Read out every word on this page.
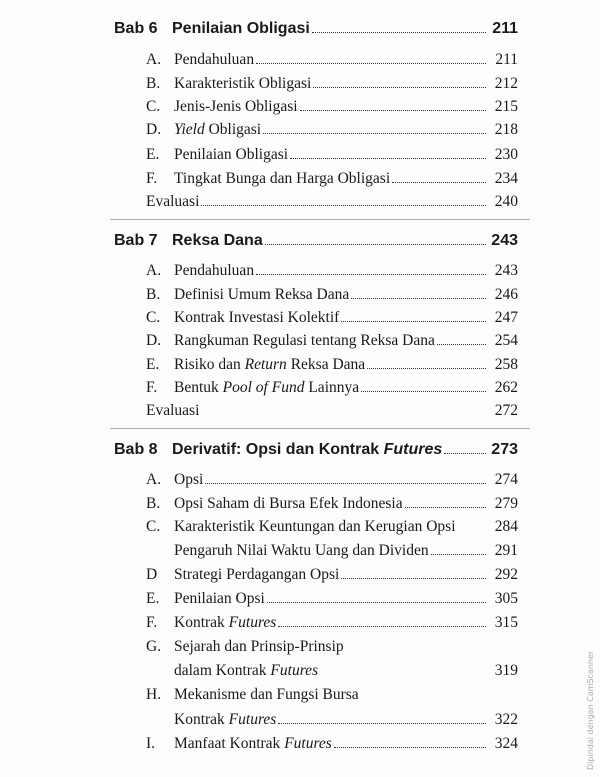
Bab 6 Penilaian Obligasi	211
A. Pendahuluan	211
B. Karakteristik Obligasi	212
C. Jenis-Jenis Obligasi	215
D. Yield Obligasi	218
E. Penilaian Obligasi	230
F.	Tingkat Bunga dan Harga Obligasi	234
Evaluasi	240
Bab 7 Reksa Dana	243
A. Pendahuluan	243
B. Definisi Umum Reksa Dana	246
C. Kontrak Investasi Kolektif	247
D. Rangkuman Regulasi tentang Reksa Dana	254
E. Risiko dan Return Reksa Dana	258
F.	Bentuk Pool of Fund Lainnya	262
Evaluasi	272
Bab 8 Derivatif: Opsi dan Kontrak Futures	273
A. Opsi	274
B. Opsi Saham di Bursa Efek Indonesia	279
C. Karakteristik Keuntungan dan Kerugian Opsi	284
Pengaruh Nilai Waktu Uang dan Dividen	291
D	Strategi Perdagangan Opsi	292
E. Penilaian Opsi	305
F.	Kontrak Futures	315
G. Sejarah dan Prinsip-Prinsip
dalam Kontrak Futures	319
H. Mekanisme dan Fungsi Bursa
Kontrak Futures	322
I.	Manfaat Kontrak Futures	324	Dipindai dengan CamScanner
